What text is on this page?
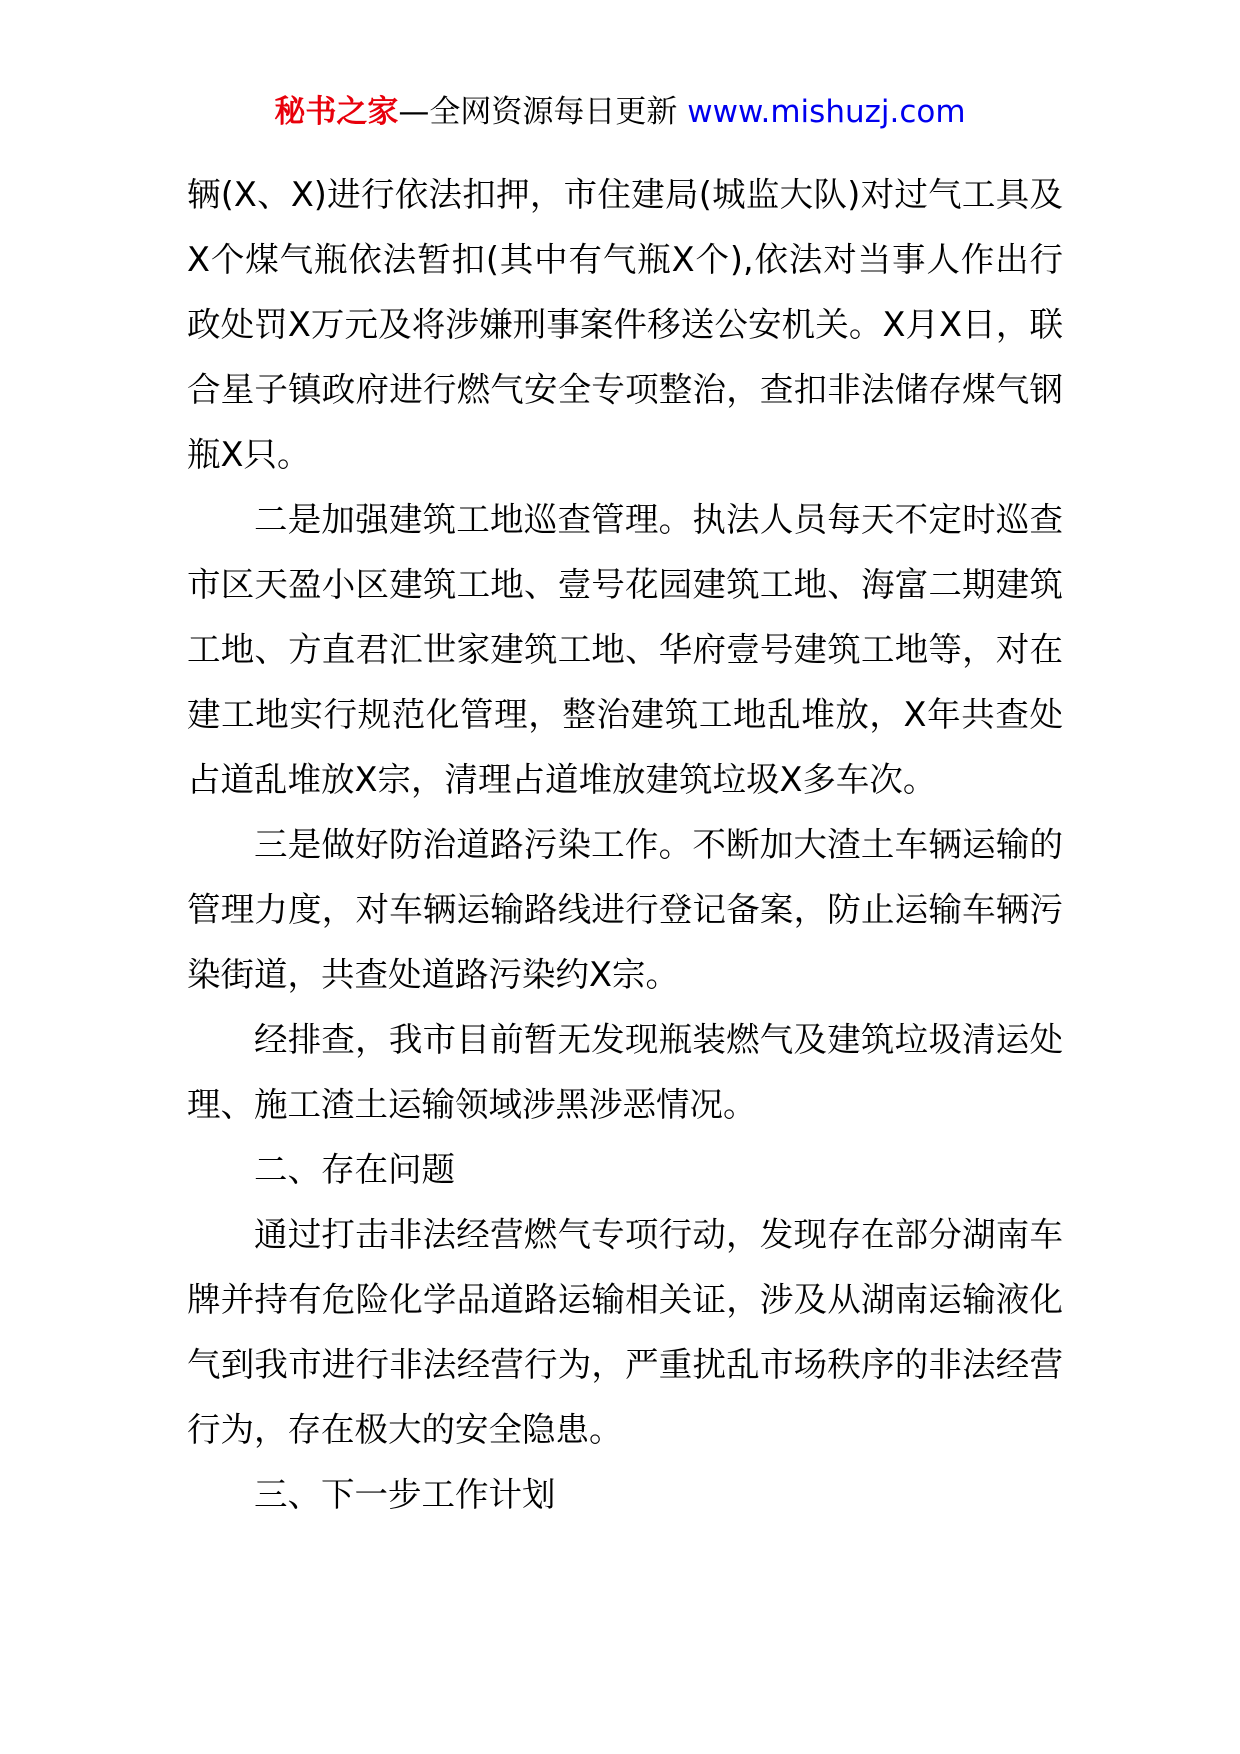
秘书之家—全网资源每日更新 www.mishuzj.com

辆(X、X)进行依法扣押，市住建局(城监大队)对过气工具及X个煤气瓶依法暂扣(其中有气瓶X个),依法对当事人作出行政处罚X万元及将涉嫌刑事案件移送公安机关。X月X日，联合星子镇政府进行燃气安全专项整治，查扣非法储存煤气钢瓶X只。

二是加强建筑工地巡查管理。执法人员每天不定时巡查市区天盈小区建筑工地、壹号花园建筑工地、海富二期建筑工地、方直君汇世家建筑工地、华府壹号建筑工地等，对在建工地实行规范化管理，整治建筑工地乱堆放，X年共查处占道乱堆放X宗，清理占道堆放建筑垃圾X多车次。

三是做好防治道路污染工作。不断加大渣土车辆运输的管理力度，对车辆运输路线进行登记备案，防止运输车辆污染街道，共查处道路污染约X宗。

经排查，我市目前暂无发现瓶装燃气及建筑垃圾清运处理、施工渣土运输领域涉黑涉恶情况。

二、存在问题

通过打击非法经营燃气专项行动，发现存在部分湖南车牌并持有危险化学品道路运输相关证，涉及从湖南运输液化气到我市进行非法经营行为，严重扰乱市场秩序的非法经营行为，存在极大的安全隐患。

三、下一步工作计划
